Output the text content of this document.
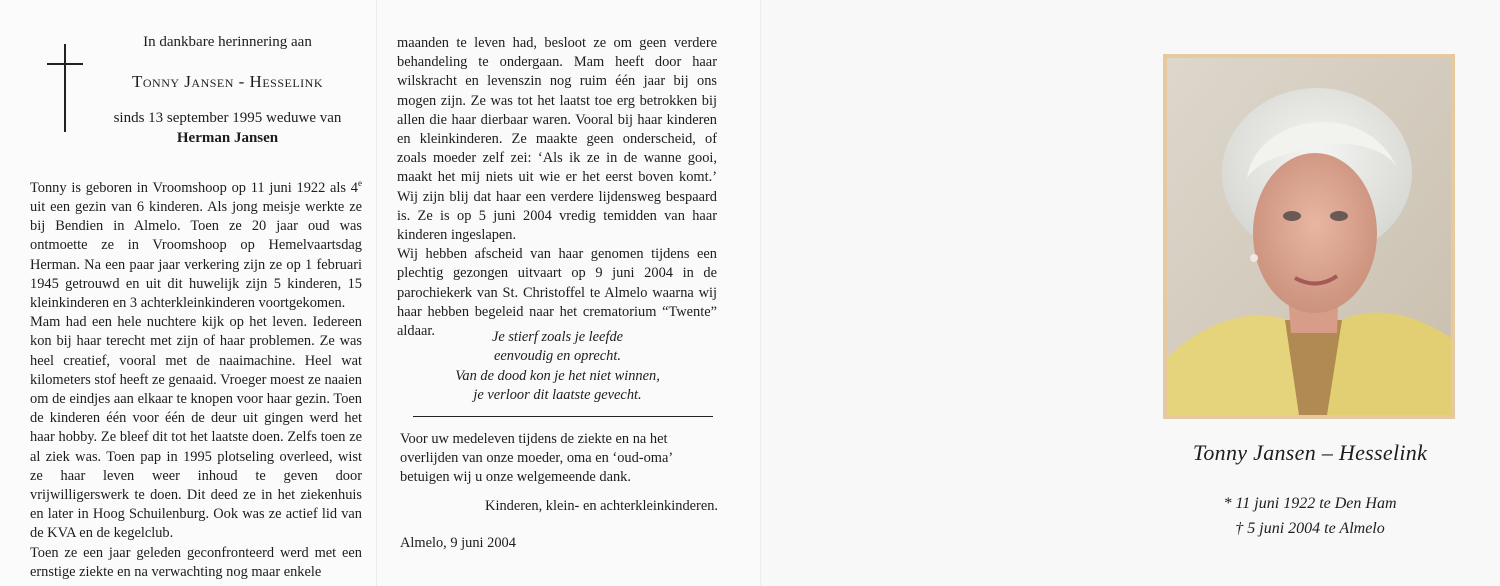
In dankbare herinnering aan
Tonny Jansen - Hesselink
sinds 13 september 1995 weduwe van
Herman Jansen

Tonny is geboren in Vroomshoop op 11 juni 1922 als 4e uit een gezin van 6 kinderen. Als jong meisje werkte ze bij Bendien in Almelo. Toen ze 20 jaar oud was ontmoette ze in Vroomshoop op Hemelvaartsdag Herman. Na een paar jaar verkering zijn ze op 1 februari 1945 getrouwd en uit dit huwelijk zijn 5 kinderen, 15 kleinkinderen en 3 achterkleinkinderen voortgekomen.

Mam had een hele nuchtere kijk op het leven. Iedereen kon bij haar terecht met zijn of haar problemen. Ze was heel creatief, vooral met de naaimachine. Heel wat kilometers stof heeft ze genaaid. Vroeger moest ze naaien om de eindjes aan elkaar te knopen voor haar gezin. Toen de kinderen één voor één de deur uit gingen werd het haar hobby. Ze bleef dit tot het laatste doen. Zelfs toen ze al ziek was. Toen pap in 1995 plotseling overleed, wist ze haar leven weer inhoud te geven door vrijwilligerswerk te doen. Dit deed ze in het ziekenhuis en later in Hoog Schuilenburg. Ook was ze actief lid van de KVA en de kegelclub.

Toen ze een jaar geleden geconfronteerd werd met een ernstige ziekte en na verwachting nog maar enkele

maanden te leven had, besloot ze om geen verdere behandeling te ondergaan. Mam heeft door haar wilskracht en levenszin nog ruim één jaar bij ons mogen zijn. Ze was tot het laatst toe erg betrokken bij allen die haar dierbaar waren. Vooral bij haar kinderen en kleinkinderen. Ze maakte geen onderscheid, of zoals moeder zelf zei: ‘Als ik ze in de wanne gooi, maakt het mij niets uit wie er het eerst boven komt.’ Wij zijn blij dat haar een verdere lijdensweg bespaard is. Ze is op 5 juni 2004 vredig temidden van haar kinderen ingeslapen.

Wij hebben afscheid van haar genomen tijdens een plechtig gezongen uitvaart op 9 juni 2004 in de parochiekerk van St. Christoffel te Almelo waarna wij haar hebben begeleid naar het crematorium “Twente” aldaar.	Je stierf zoals je leefde
eenvoudig en oprecht.
Van de dood kon je het niet winnen,
je verloor dit laatste gevecht.
Voor uw medeleven tijdens de ziekte en na het overlijden van onze moeder, oma en ‘oud-oma’ betuigen wij u onze welgemeende dank.
Kinderen, klein- en achterkleinkinderen.
Almelo, 9 juni 2004
Tonny Jansen – Hesselink
* 11 juni 1922 te Den Ham
† 5 juni 2004 te Almelo
